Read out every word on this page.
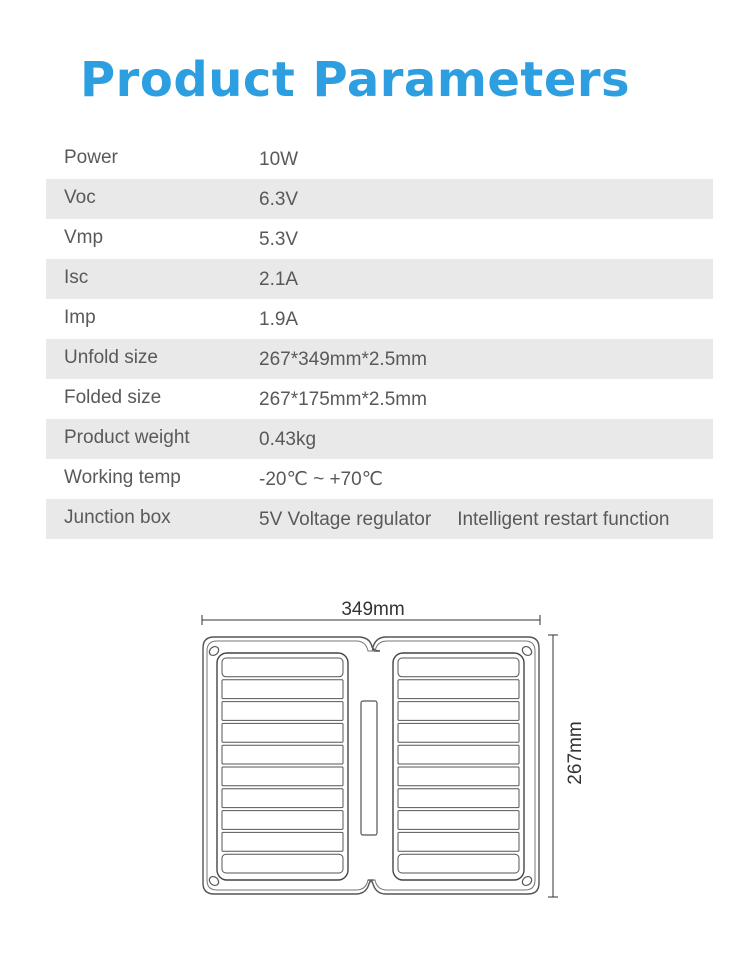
Product Parameters
Power	10W
Voc	6.3V
Vmp	5.3V
Isc	2.1A
Imp	1.9A
Unfold size	267*349mm*2.5mm
Folded size	267*175mm*2.5mm
Product weight	0.43kg
Working temp	-20℃ ~ +70℃
Junction box	5V Voltage regulator Intelligent restart function
349mm
267mm
